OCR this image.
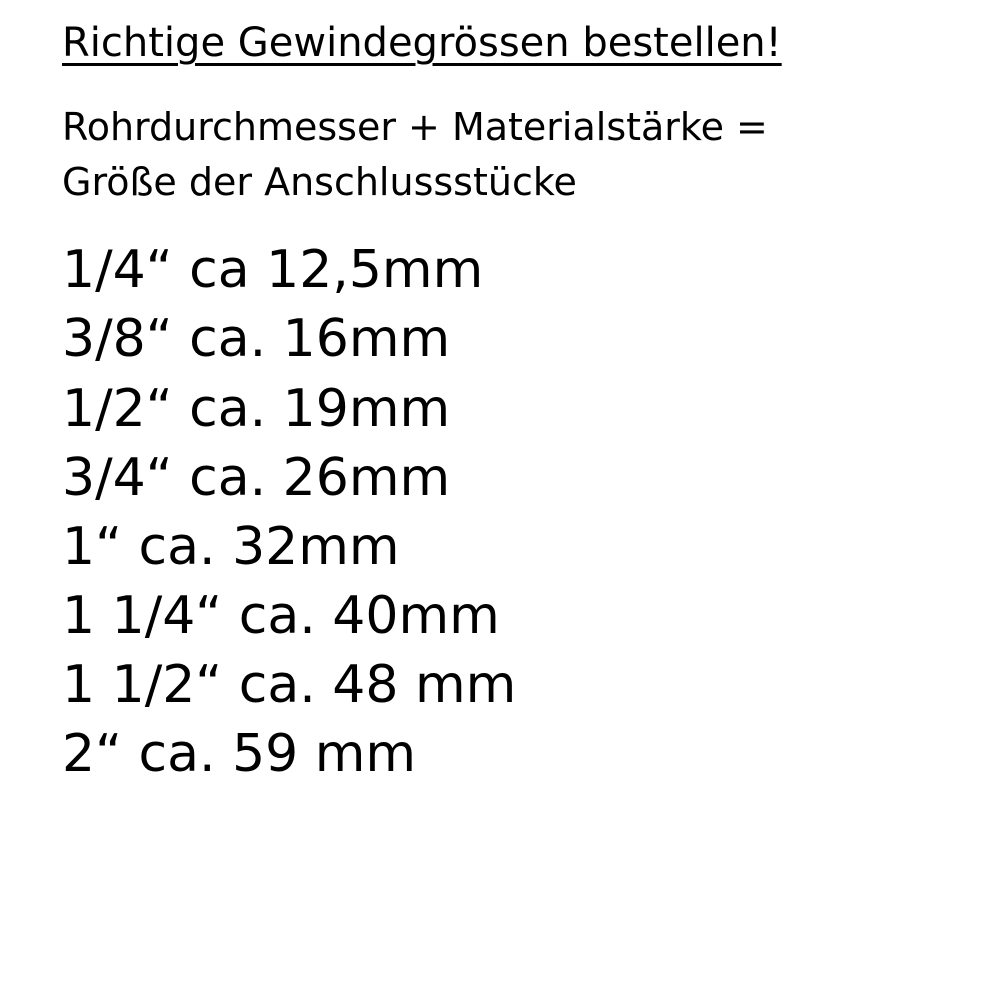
Richtige Gewindegrössen bestellen!
Rohrdurchmesser + Materialstärke =
Größe der Anschlussstücke
1/4“ ca 12,5mm
3/8“ ca. 16mm
1/2“ ca. 19mm
3/4“ ca. 26mm
1“ ca. 32mm
1 1/4“ ca. 40mm
1 1/2“ ca. 48 mm
2“ ca. 59 mm
